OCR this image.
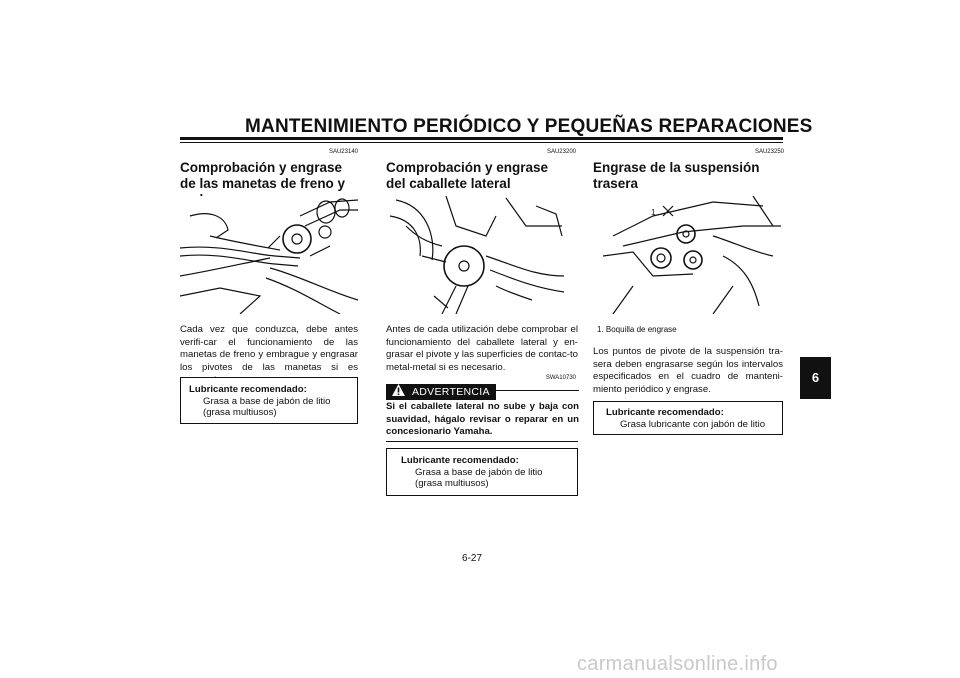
MANTENIMIENTO PERIÓDICO Y PEQUEÑAS REPARACIONES
SAU23140
Comprobación y engrase de las manetas de freno y
Cada vez que conduzca, debe antes verifi-car el funcionamiento de las manetas de freno y embrague y engrasar los pivotes de las manetas si es
Lubricante recomendado:
Grasa a base de jabón de litio (grasa multiusos)
SAU23200
Comprobación y engrase del caballete lateral
Antes de cada utilización debe comprobar el funcionamiento del caballete lateral y en-grasar el pivote y las superficies de contac-to metal-metal si es necesario.
SWA10730
ADVERTENCIA
Si el caballete lateral no sube y baja con suavidad, hágalo revisar o reparar en un concesionario Yamaha.
Lubricante recomendado:
Grasa a base de jabón de litio (grasa multiusos)
SAU23250
Engrase de la suspensión trasera
1
1. Boquilla de engrase
Los puntos de pivote de la suspensión tra-sera deben engrasarse según los intervalos especificados en el cuadro de manteni-miento periódico y engrase.
Lubricante recomendado:
Grasa lubricante con jabón de litio
6
6-27
carmanualsonline.info
